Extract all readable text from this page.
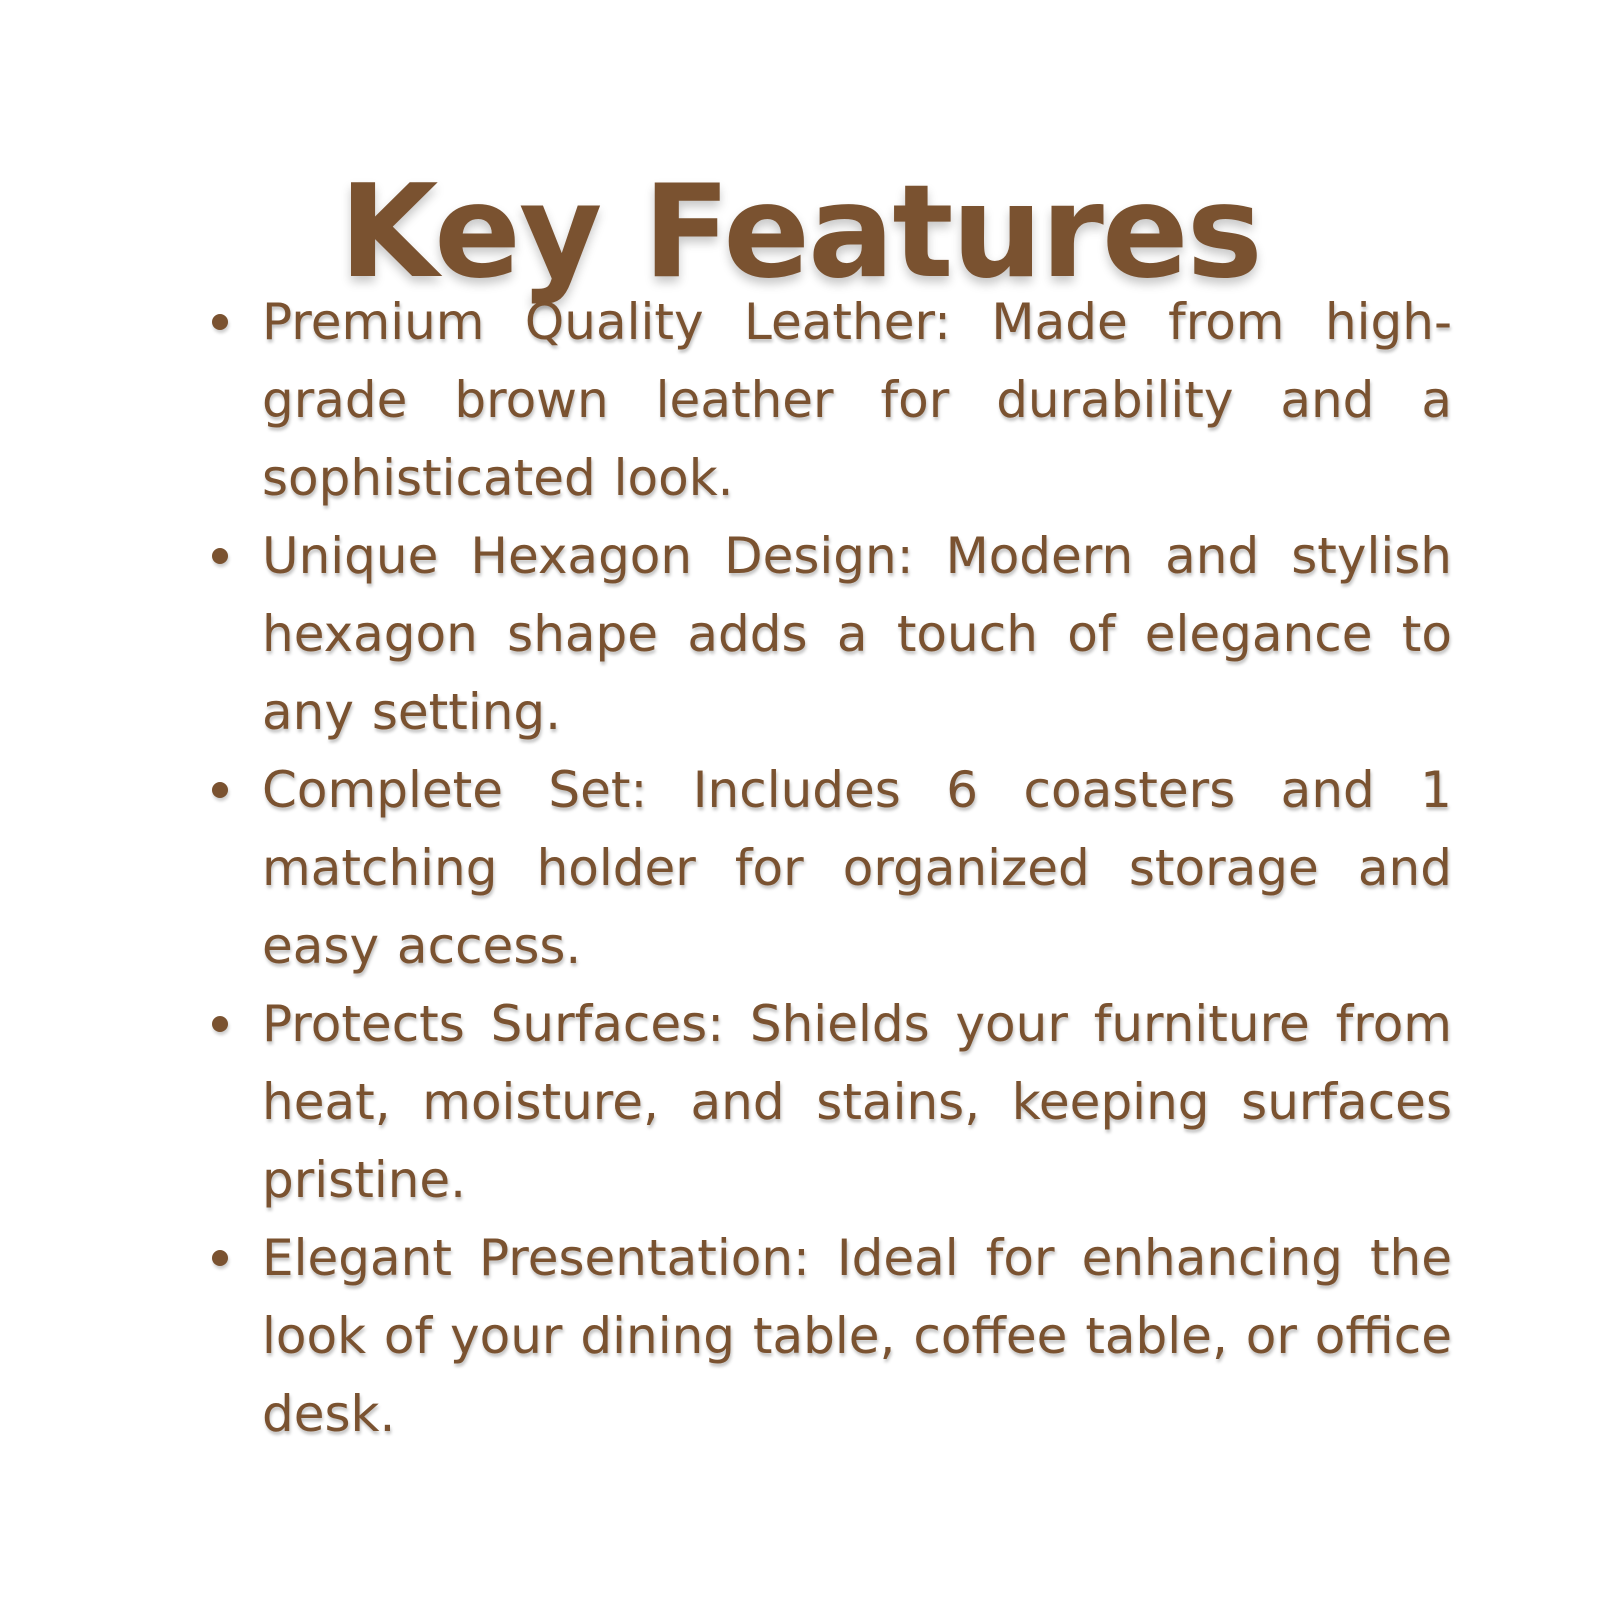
Key Features
Premium Quality Leather: Made from high-grade brown leather for durability and a sophisticated look.
Unique Hexagon Design: Modern and stylish hexagon shape adds a touch of elegance to any setting.
Complete Set: Includes 6 coasters and 1 matching holder for organized storage and easy access.
Protects Surfaces: Shields your furniture from heat, moisture, and stains, keeping surfaces pristine.
Elegant Presentation: Ideal for enhancing the look of your dining table, coffee table, or office desk.
